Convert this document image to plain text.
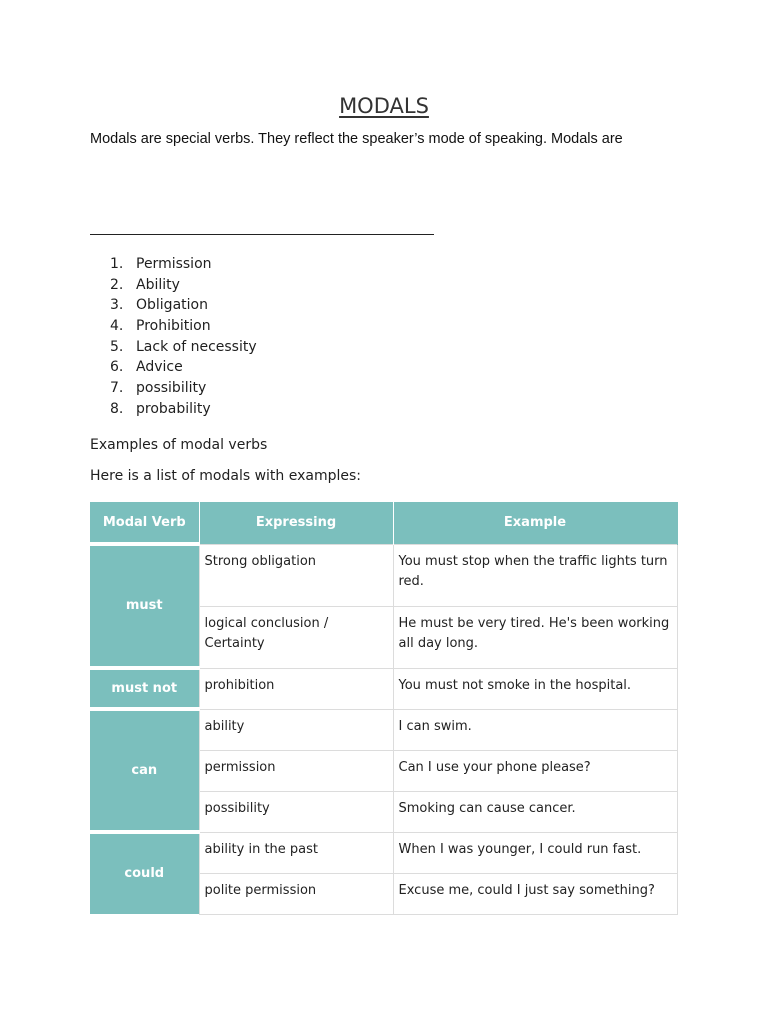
MODALS
Modals are special verbs. They reflect the speaker’s mode of speaking. Modals are
1. Permission
2. Ability
3. Obligation
4. Prohibition
5. Lack of necessity
6. Advice
7. possibility
8. probability

Examples of modal verbs

Here is a list of modals with examples:

Modal Verb	Expressing	Example
must	Strong obligation	You must stop when the traffic lights turn red.
	logical conclusion / Certainty	He must be very tired. He's been working all day long.
must not	prohibition	You must not smoke in the hospital.
can	ability	I can swim.
	permission	Can I use your phone please?
	possibility	Smoking can cause cancer.
could	ability in the past	When I was younger, I could run fast.
	polite permission	Excuse me, could I just say something?
